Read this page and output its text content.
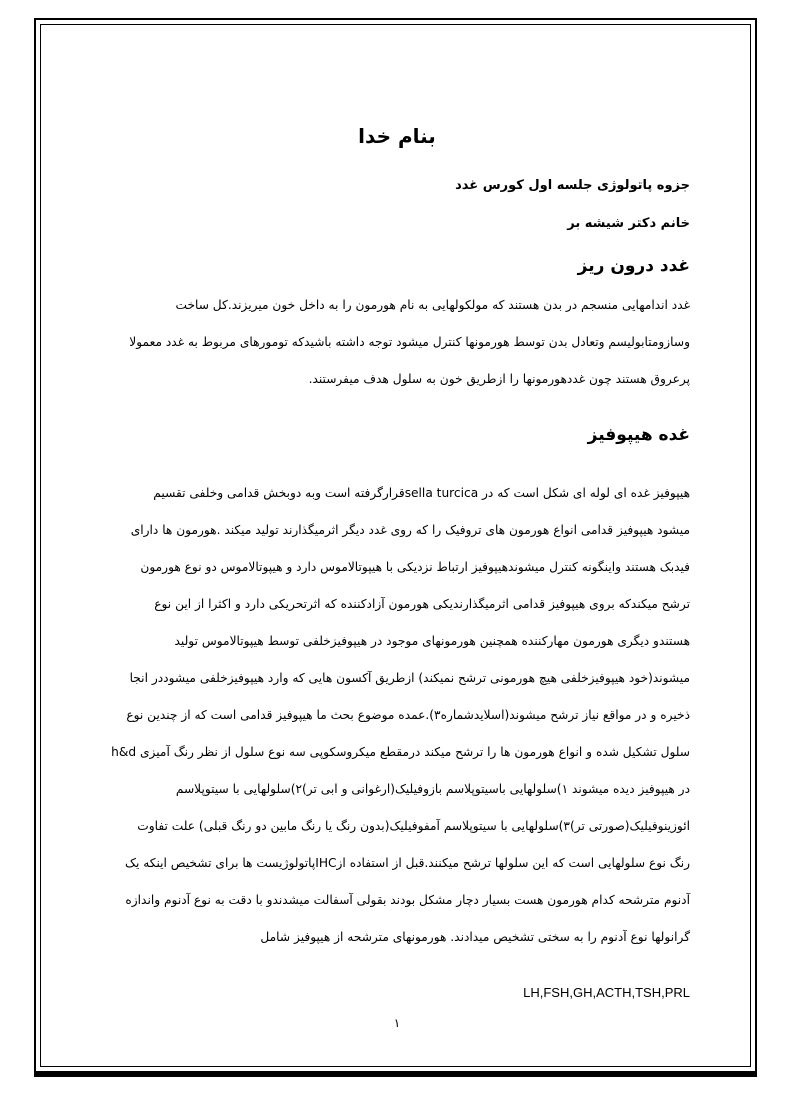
بنام خدا
جزوه پاتولوژی جلسه اول کورس غدد
خانم دکتر شیشه بر
غدد درون ریز
غدد اندامهایی منسجم در بدن هستند که مولکولهایی به نام هورمون را به داخل خون میریزند.کل ساخت
وسازومتابولیسم وتعادل بدن توسط هورمونها کنترل میشود توجه داشته باشیدکه تومورهای مربوط به غدد معمولا
پرعروق هستند چون غددهورمونها را ازطریق خون به سلول هدف میفرستند.
غده هیپوفیز
هیپوفیز غده ای لوله ای شکل است که در sella turcicaقرارگرفته است وبه دوبخش قدامی وخلفی تقسیم
میشود هیپوفیز قدامی انواع هورمون های تروفیک را که روی غدد دیگر اثرمیگذارند تولید میکند .هورمون ها دارای
فیدبک هستند واینگونه کنترل میشوندهیپوفیز ارتباط نزدیکی با هیپوتالاموس دارد و هیپوتالاموس دو نوع هورمون
ترشح میکندکه بروی هیپوفیز قدامی اثرمیگذارندیکی هورمون آزادکننده که اثرتحریکی دارد و اکثرا از این نوع
هستندو دیگری هورمون مهارکننده همچنین هورمونهای موجود در هیپوفیزخلفی توسط هیپوتالاموس تولید
میشوند(خود هیپوفیزخلفی هیچ هورمونی ترشح نمیکند) ازطریق آکسون هایی که وارد هیپوفیزخلفی میشوددر انجا
ذخیره و در مواقع نیاز ترشح میشوند(اسلایدشماره۳).عمده موضوع بحث ما هیپوفیز قدامی است که از چندین نوع
سلول تشکیل شده و انواع هورمون ها را ترشح میکند درمقطع میکروسکوپی سه نوع سلول از نظر رنگ آمیزی h&d
در هیپوفیز دیده میشوند ۱)سلولهایی باسیتوپلاسم بازوفیلیک(ارغوانی و ابی تر)۲)سلولهایی با سیتوپلاسم
ائوزینوفیلیک(صورتی تر)۳)سلولهایی با سیتوپلاسم آمفوفیلیک(بدون رنگ یا رنگ مابین دو رنگ قبلی) علت تفاوت
رنگ نوع سلولهایی است که این سلولها ترشح میکنند.قبل از استفاده ازIHCپاتولوژیست ها برای تشخیص اینکه یک
آدنوم مترشحه کدام هورمون هست بسیار دچار مشکل بودند بقولی آسفالت میشدندو با دقت به نوع آدنوم واندازه
گرانولها نوع آدنوم را به سختی تشخیص میدادند. هورمونهای مترشحه از هیپوفیز شامل
LH,FSH,GH,ACTH,TSH,PRL
۱
